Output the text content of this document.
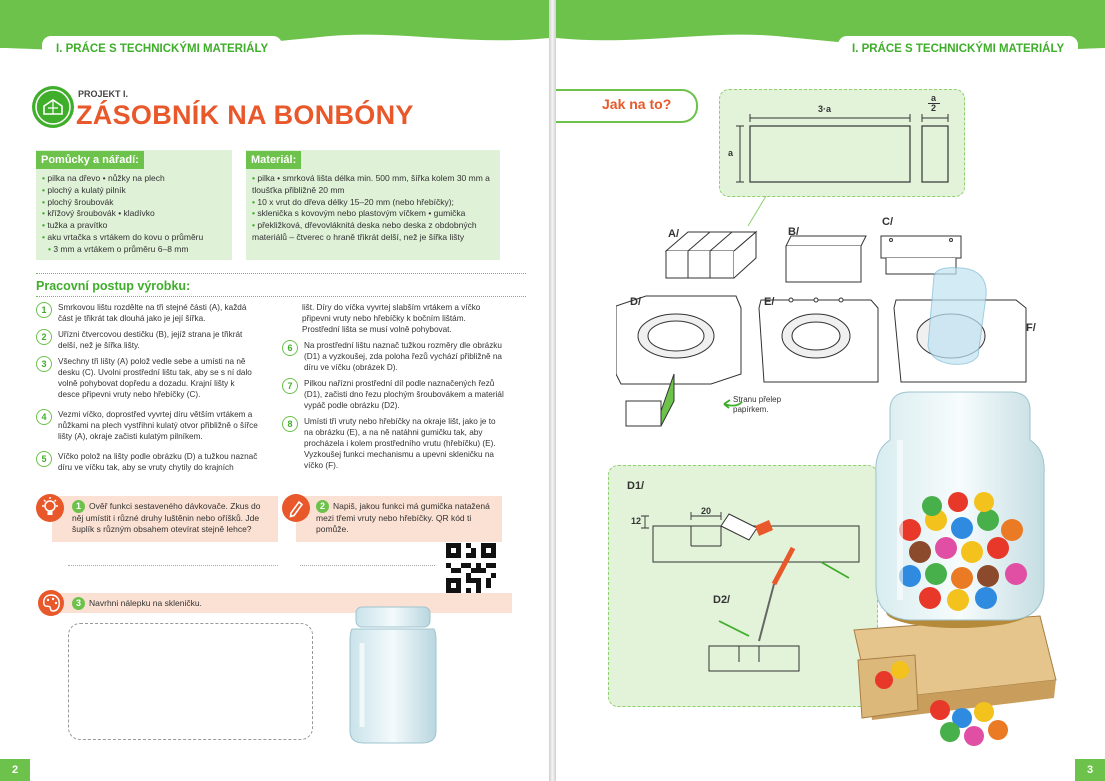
I. PRÁCE S TECHNICKÝMI MATERIÁLY
PROJEKT I.
ZÁSOBNÍK NA BONBÓNY
Pomůcky a nářadí:
• pilka na dřevo • nůžky na plech
• plochý a kulatý pilník
• plochý šroubovák
• křížový šroubovák • kladívko
• tužka a pravítko
• aku vrtačka s vrtákem do kovu o průměru
• 3 mm a vrtákem o průměru 6–8 mm
Materiál:
• pilka • smrková lišta délka min. 500 mm, šířka kolem 30 mm a tloušťka přibližně 20 mm
• 10 x vrut do dřeva délky 15–20 mm (nebo hřebíčky);
• sklenička s kovovým nebo plastovým víčkem • gumička
• překližková, dřevovláknitá deska nebo deska z obdobných materiálů – čtverec o hraně třikrát delší, než je šířka lišty
Pracovní postup výrobku:
1	Smrkovou lištu rozdělte na tři stejné části (A), každá část je třikrát tak dlouhá jako je její šířka.
2	Uřízni čtvercovou destičku (B), jejíž strana je třikrát delší, než je šířka lišty.
3	Všechny tři lišty (A) polož vedle sebe a umísti na ně desku (C). Uvolni prostřední lištu tak, aby se s ní dalo volně pohybovat dopředu a dozadu. Krajní lišty k desce připevni vruty nebo hřebíčky (C).
4	Vezmi víčko, doprostřed vyvrtej díru větším vrtákem a nůžkami na plech vystřihni kulatý otvor přibližně o šířce lišty (A), okraje začisti kulatým pilníkem.
5	Víčko polož na lišty podle obrázku (D) a tužkou naznač díru ve víčku tak, aby se vruty chytily do krajních
lišt. Díry do víčka vyvrtej slabším vrtákem a víčko připevni vruty nebo hřebíčky k bočním lištám. Prostřední lišta se musí volně pohybovat.
6	Na prostřední lištu naznač tužkou rozměry dle obrázku (D1) a vyzkoušej, zda poloha řezů vychází přibližně na díru ve víčku (obrázek D).
7	Pilkou nařízni prostřední díl podle naznačených řezů (D1), začisti dno řezu plochým šroubovákem a materiál vypáč podle obrázku (D2).
8	Umísti tři vruty nebo hřebíčky na okraje lišt, jako je to na obrázku (E), a na ně natáhni gumičku tak, aby procházela i kolem prostředního vrutu (hřebíčku) (E). Vyzkoušej funkci mechanismu a upevni skleničku na víčko (F).
1 Ověř funkci sestaveného dávkovače. Zkus do něj umístit i různé druhy luštěnin nebo oříšků. Jde šuplík s různým obsahem otevírat stejně lehce?
2 Napiš, jakou funkci má gumička natažená mezi třemi vruty nebo hřebíčky. QR kód ti pomůže.
3 Navrhni nálepku na skleničku.
2
I. PRÁCE S TECHNICKÝMI MATERIÁLY
Jak na to?	3·a
a
2
a
A/	B/
C/
D/	E/
F/
Stranu přelep papírkem.
D1/
12
20
D2/
3
